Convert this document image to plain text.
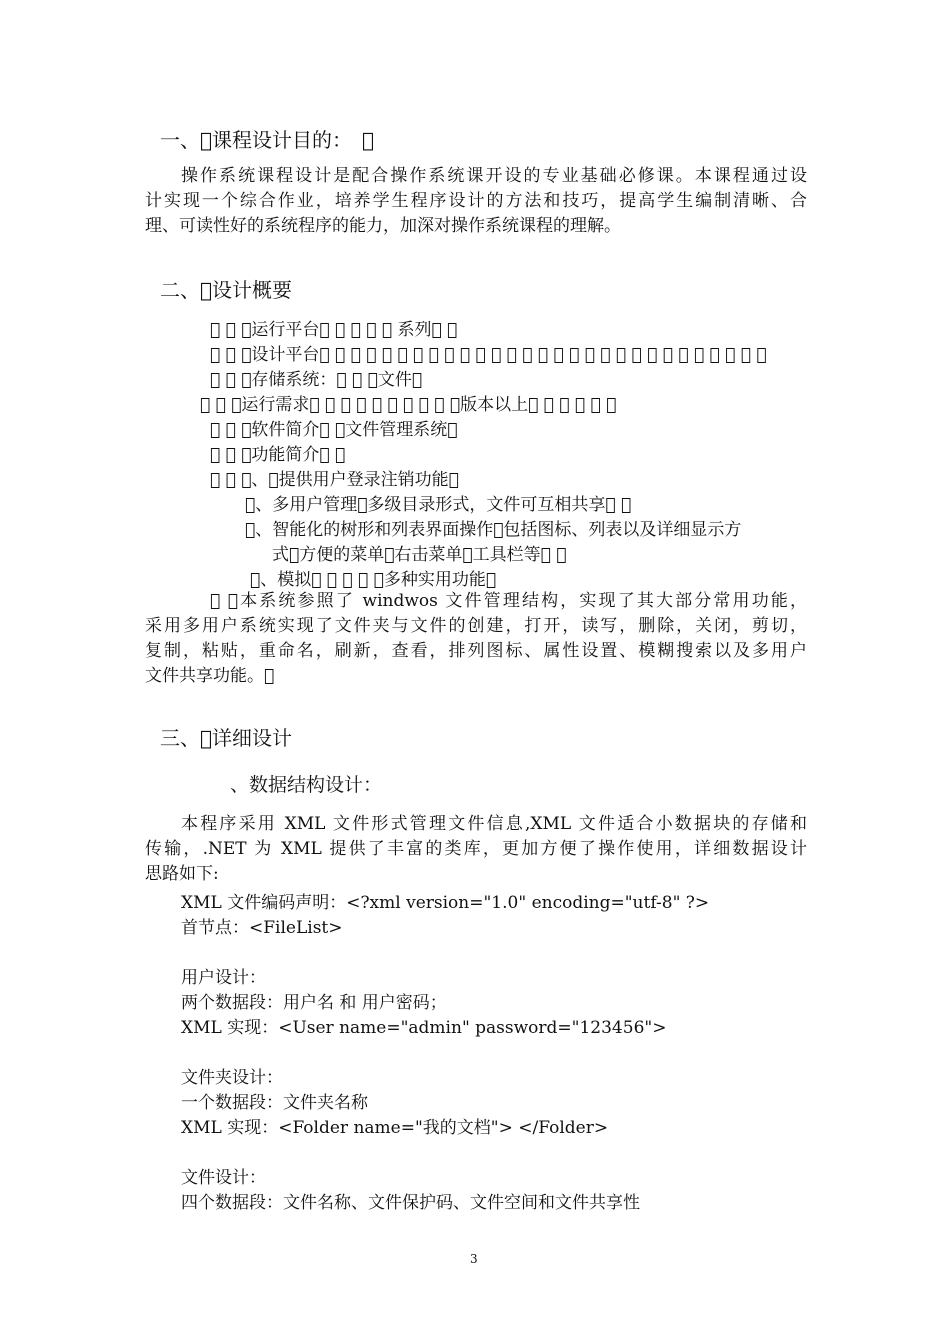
一、 课程设计目的：　 
操作系统课程设计是配合操作系统课开设的专业基础必修课。本课程通过设
计实现一个综合作业，培养学生程序设计的方法和技巧，提高学生编制清晰、合
理、可读性好的系统程序的能力，加深对操作系统课程的理解。
二、 设计概要
     运行平台          系列   
     设计平台                                                         
     存储系统：     文件 
     运行需求                   版本以上           
     软件简介   文件管理系统 
     功能简介   
     、 提供用户登录注销功能 
 、多用户管理 多级目录形式，文件可互相共享   
 、智能化的树形和列表界面操作 包括图标、列表以及详细显示方
式 方便的菜单 右击菜单 工具栏等   
 、模拟         多种实用功能 
   本系统参照了 windwos 文件管理结构，实现了其大部分常用功能，
采用多用户系统实现了文件夹与文件的创建，打开，读写，删除，关闭，剪切，
复制，粘贴，重命名，刷新，查看，排列图标、属性设置、模糊搜索以及多用户
文件共享功能。 
三、 详细设计
、数据结构设计：
本程序采用 XML 文件形式管理文件信息,XML 文件适合小数据块的存储和
传输，.NET 为 XML 提供了丰富的类库，更加方便了操作使用，详细数据设计
思路如下:
XML 文件编码声明：<?xml version="1.0" encoding="utf-8" ?>
首节点：<FileList>
用户设计：
两个数据段：用户名 和 用户密码；
XML 实现：<User name="admin" password="123456">
文件夹设计：
一个数据段：文件夹名称
XML 实现：<Folder name="我的文档"> </Folder>
文件设计：
四个数据段：文件名称、文件保护码、文件空间和文件共享性
3
